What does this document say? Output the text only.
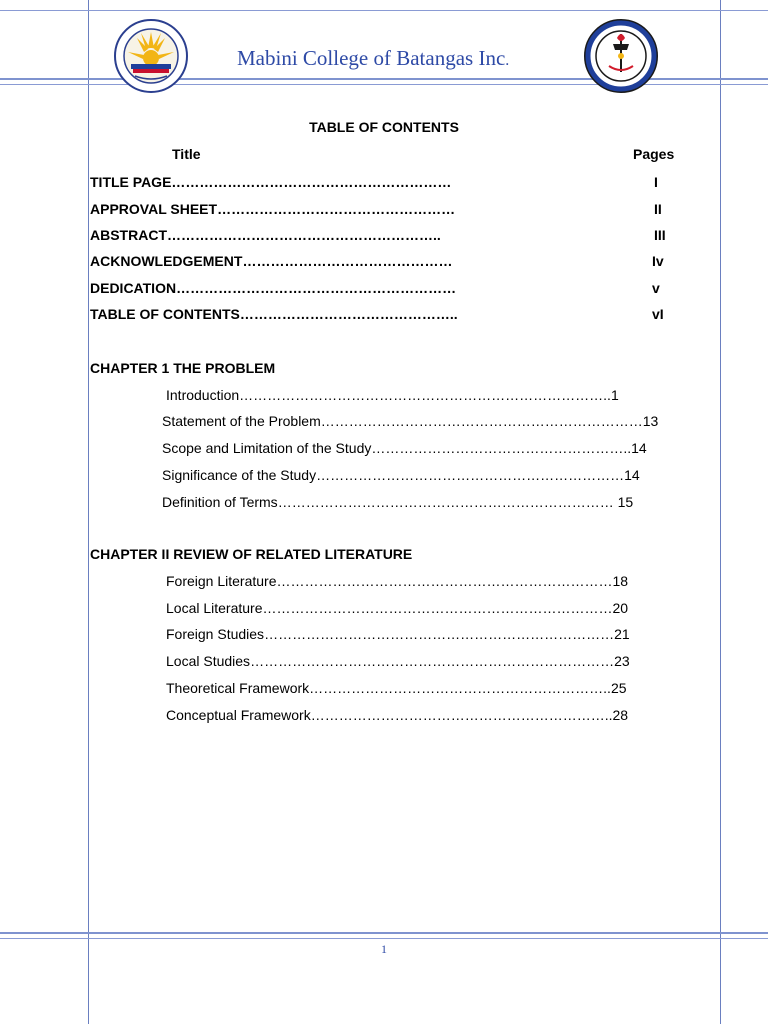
Mabini College of Batangas Inc.
TABLE OF CONTENTS
Title	Pages
TITLE PAGE……………………………………………………	I
APPROVAL SHEET……………………………………………	II
ABSTRACT…………………………………………………..	III
ACKNOWLEDGEMENT………………………………………	Iv
DEDICATION……………………………………………………	v
TABLE OF CONTENTS………………………………………..	vI
CHAPTER 1 THE PROBLEM
Introduction……………………………………………………………………..1
Statement of the Problem……………………………………………………………13
Scope and Limitation of the Study………………………………………………..14
Significance of the Study…………………………………………………………14
Definition of Terms……………………………………………………………… 15
CHAPTER II REVIEW OF RELATED LITERATURE
Foreign Literature………………………………………………………………18
Local Literature…………………………………………………………………20
Foreign Studies…………………………………………………………………21
Local Studies……………………………………………………………………23
Theoretical Framework………………………………………………………..25
Conceptual Framework………………………………………………………..28
1
